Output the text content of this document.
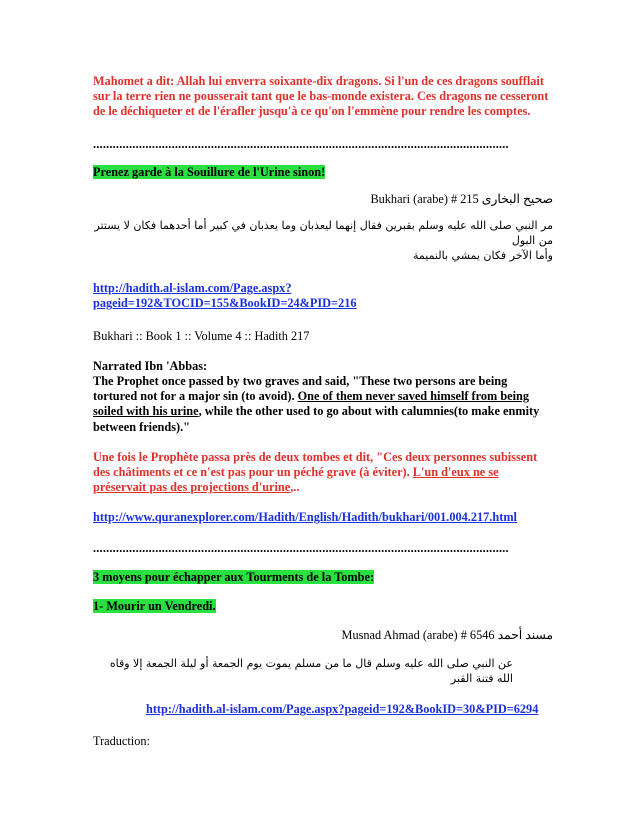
Mahomet a dit: Allah lui enverra soixante-dix dragons. Si l'un de ces dragons soufflait sur la terre rien ne pousserait tant que le bas-monde existera. Ces dragons ne cesseront de le déchiqueter et de l'érafler jusqu'à ce qu'on l'emmène pour rendre les comptes.

...............................................................................................................................

Prenez garde à la Souillure de l'Urine sinon!

Bukhari (arabe) # 215 صحيح البخارى

مر النبي صلى الله عليه وسلم بقبرين فقال إنهما ليعذبان وما يعذبان في كبير أما أحدهما فكان لا يستتر من البول

وأما الآخر فكان يمشي بالنميمة

http://hadith.al-islam.com/Page.aspx?
pageid=192&TOCID=155&BookID=24&PID=216

Bukhari :: Book 1 :: Volume 4 :: Hadith 217

Narrated Ibn 'Abbas:

The Prophet once passed by two graves and said, "These two persons are being tortured not for a major sin (to avoid). One of them never saved himself from being soiled with his urine, while the other used to go about with calumnies(to make enmity between friends)."

Une fois le Prophète passa près de deux tombes et dit, "Ces deux personnes subissent des châtiments et ce n'est pas pour un péché grave (à éviter). L'un d'eux ne se préservait pas des projections d'urine,..

http://www.quranexplorer.com/Hadith/English/Hadith/bukhari/001.004.217.html

...............................................................................................................................

3 moyens pour échapper aux Tourments de la Tombe:

1- Mourir un Vendredi.

Musnad Ahmad (arabe) # 6546 مسند أحمد

عن النبي صلى الله عليه وسلم قال ما من مسلم يموت يوم الجمعة أو ليلة الجمعة إلا وقاه الله فتنة القبر

http://hadith.al-islam.com/Page.aspx?pageid=192&BookID=30&PID=6294

Traduction:
